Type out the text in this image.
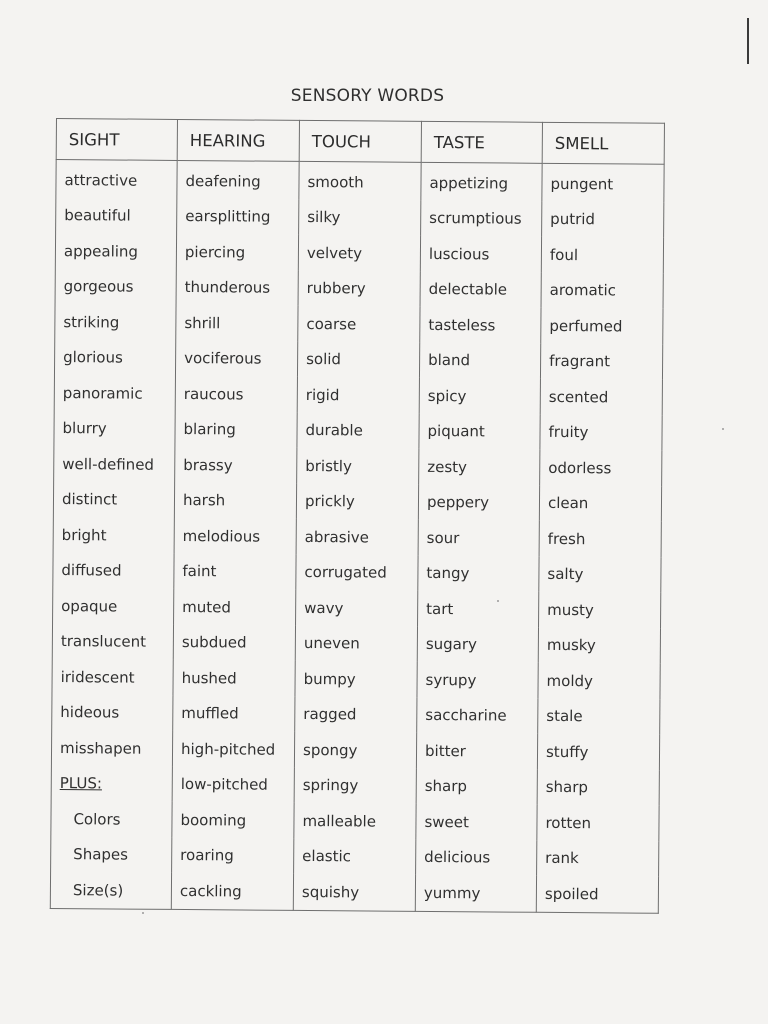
SENSORY WORDS
SIGHT	HEARING	TOUCH	TASTE	SMELL
attractive	deafening	smooth	appetizing	pungent
beautiful	earsplitting	silky	scrumptious	putrid
appealing	piercing	velvety	luscious	foul
gorgeous	thunderous	rubbery	delectable	aromatic
striking	shrill	coarse	tasteless	perfumed
glorious	vociferous	solid	bland	fragrant
panoramic	raucous	rigid	spicy	scented
blurry	blaring	durable	piquant	fruity
well-defined	brassy	bristly	zesty	odorless
distinct	harsh	prickly	peppery	clean
bright	melodious	abrasive	sour	fresh
diffused	faint	corrugated	tangy	salty
opaque	muted	wavy	tart	musty
translucent	subdued	uneven	sugary	musky
iridescent	hushed	bumpy	syrupy	moldy
hideous	muffled	ragged	saccharine	stale
misshapen	high-pitched	spongy	bitter	stuffy
PLUS:	low-pitched	springy	sharp	sharp
Colors	booming	malleable	sweet	rotten
Shapes	roaring	elastic	delicious	rank
Size(s)	cackling	squishy	yummy	spoiled
